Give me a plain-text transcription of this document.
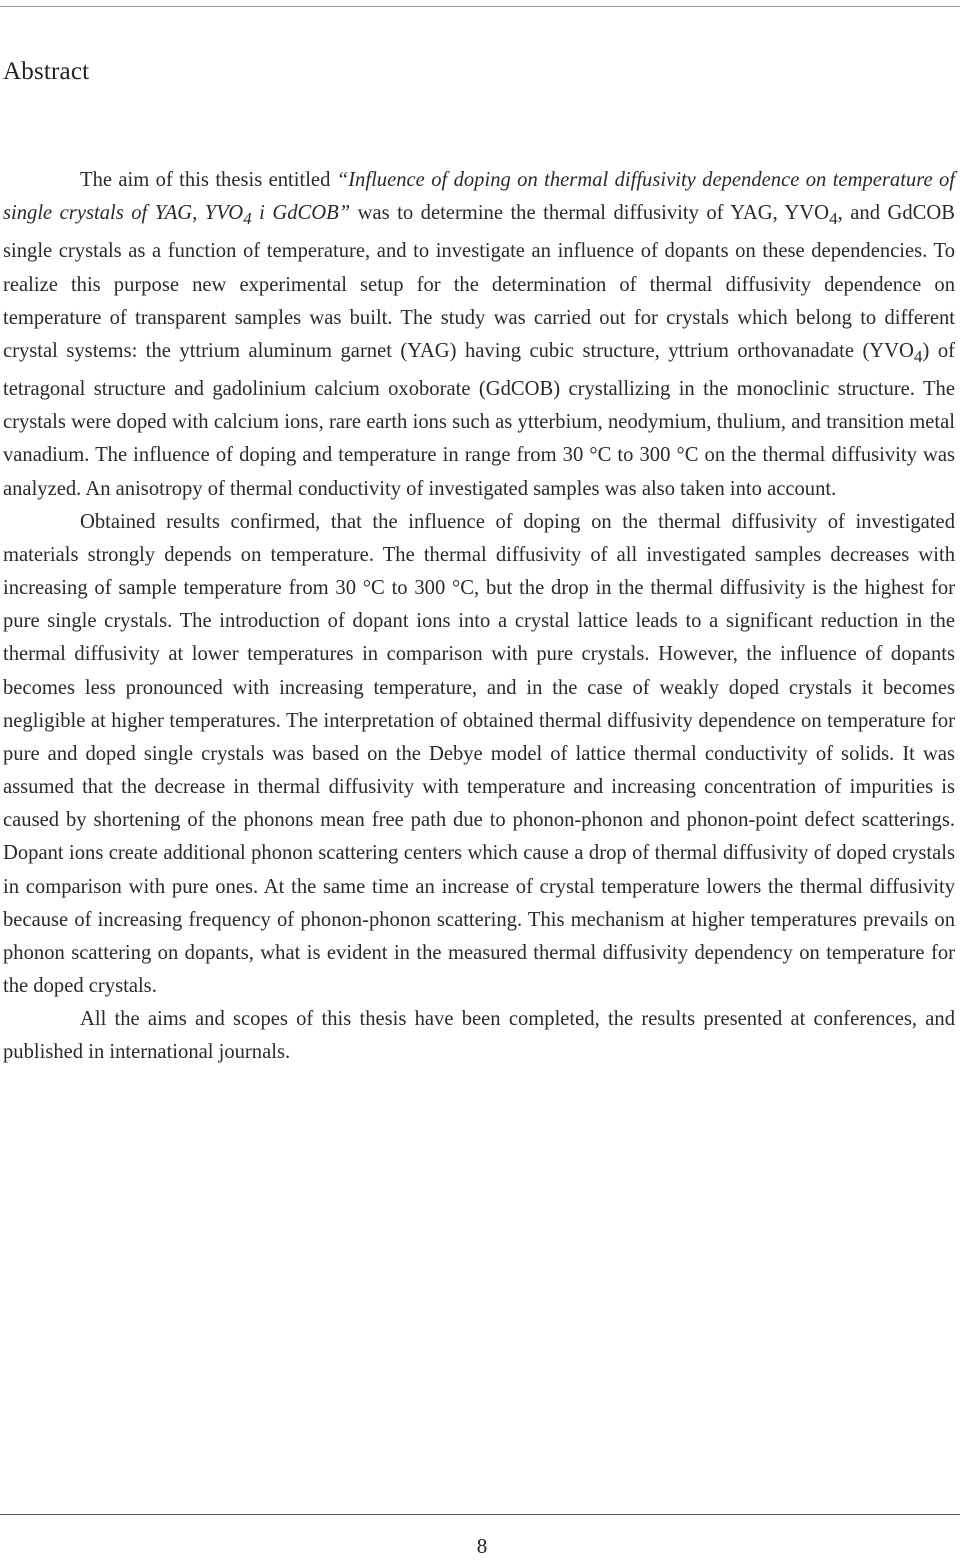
Abstract

The aim of this thesis entitled “Influence of doping on thermal diffusivity dependence on temperature of single crystals of YAG, $YVO_4$ i GdCOB” was to determine the thermal diffusivity of YAG, $YVO_4$, and GdCOB single crystals as a function of temperature, and to investigate an influence of dopants on these dependencies. To realize this purpose new experimental setup for the determination of thermal diffusivity dependence on temperature of transparent samples was built. The study was carried out for crystals which belong to different crystal systems: the yttrium aluminum garnet (YAG) having cubic structure, yttrium orthovanadate $(YVO_4)$ of tetragonal structure and gadolinium calcium oxoborate (GdCOB) crystallizing in the monoclinic structure. The crystals were doped with calcium ions, rare earth ions such as ytterbium, neodymium, thulium, and transition metal vanadium. The influence of doping and temperature in range from 30 °C to 300 °C on the thermal diffusivity was analyzed. An anisotropy of thermal conductivity of investigated samples was also taken into account.

Obtained results confirmed, that the influence of doping on the thermal diffusivity of investigated materials strongly depends on temperature. The thermal diffusivity of all investigated samples decreases with increasing of sample temperature from 30 °C to 300 °C, but the drop in the thermal diffusivity is the highest for pure single crystals. The introduction of dopant ions into a crystal lattice leads to a significant reduction in the thermal diffusivity at lower temperatures in comparison with pure crystals. However, the influence of dopants becomes less pronounced with increasing temperature, and in the case of weakly doped crystals it becomes negligible at higher temperatures. The interpretation of obtained thermal diffusivity dependence on temperature for pure and doped single crystals was based on the Debye model of lattice thermal conductivity of solids. It was assumed that the decrease in thermal diffusivity with temperature and increasing concentration of impurities is caused by shortening of the phonons mean free path due to phonon-phonon and phonon-point defect scatterings. Dopant ions create additional phonon scattering centers which cause a drop of thermal diffusivity of doped crystals in comparison with pure ones. At the same time an increase of crystal temperature lowers the thermal diffusivity because of increasing frequency of phonon-phonon scattering. This mechanism at higher temperatures prevails on phonon scattering on dopants, what is evident in the measured thermal diffusivity dependency on temperature for the doped crystals.

All the aims and scopes of this thesis have been completed, the results presented at conferences, and published in international journals.

8
